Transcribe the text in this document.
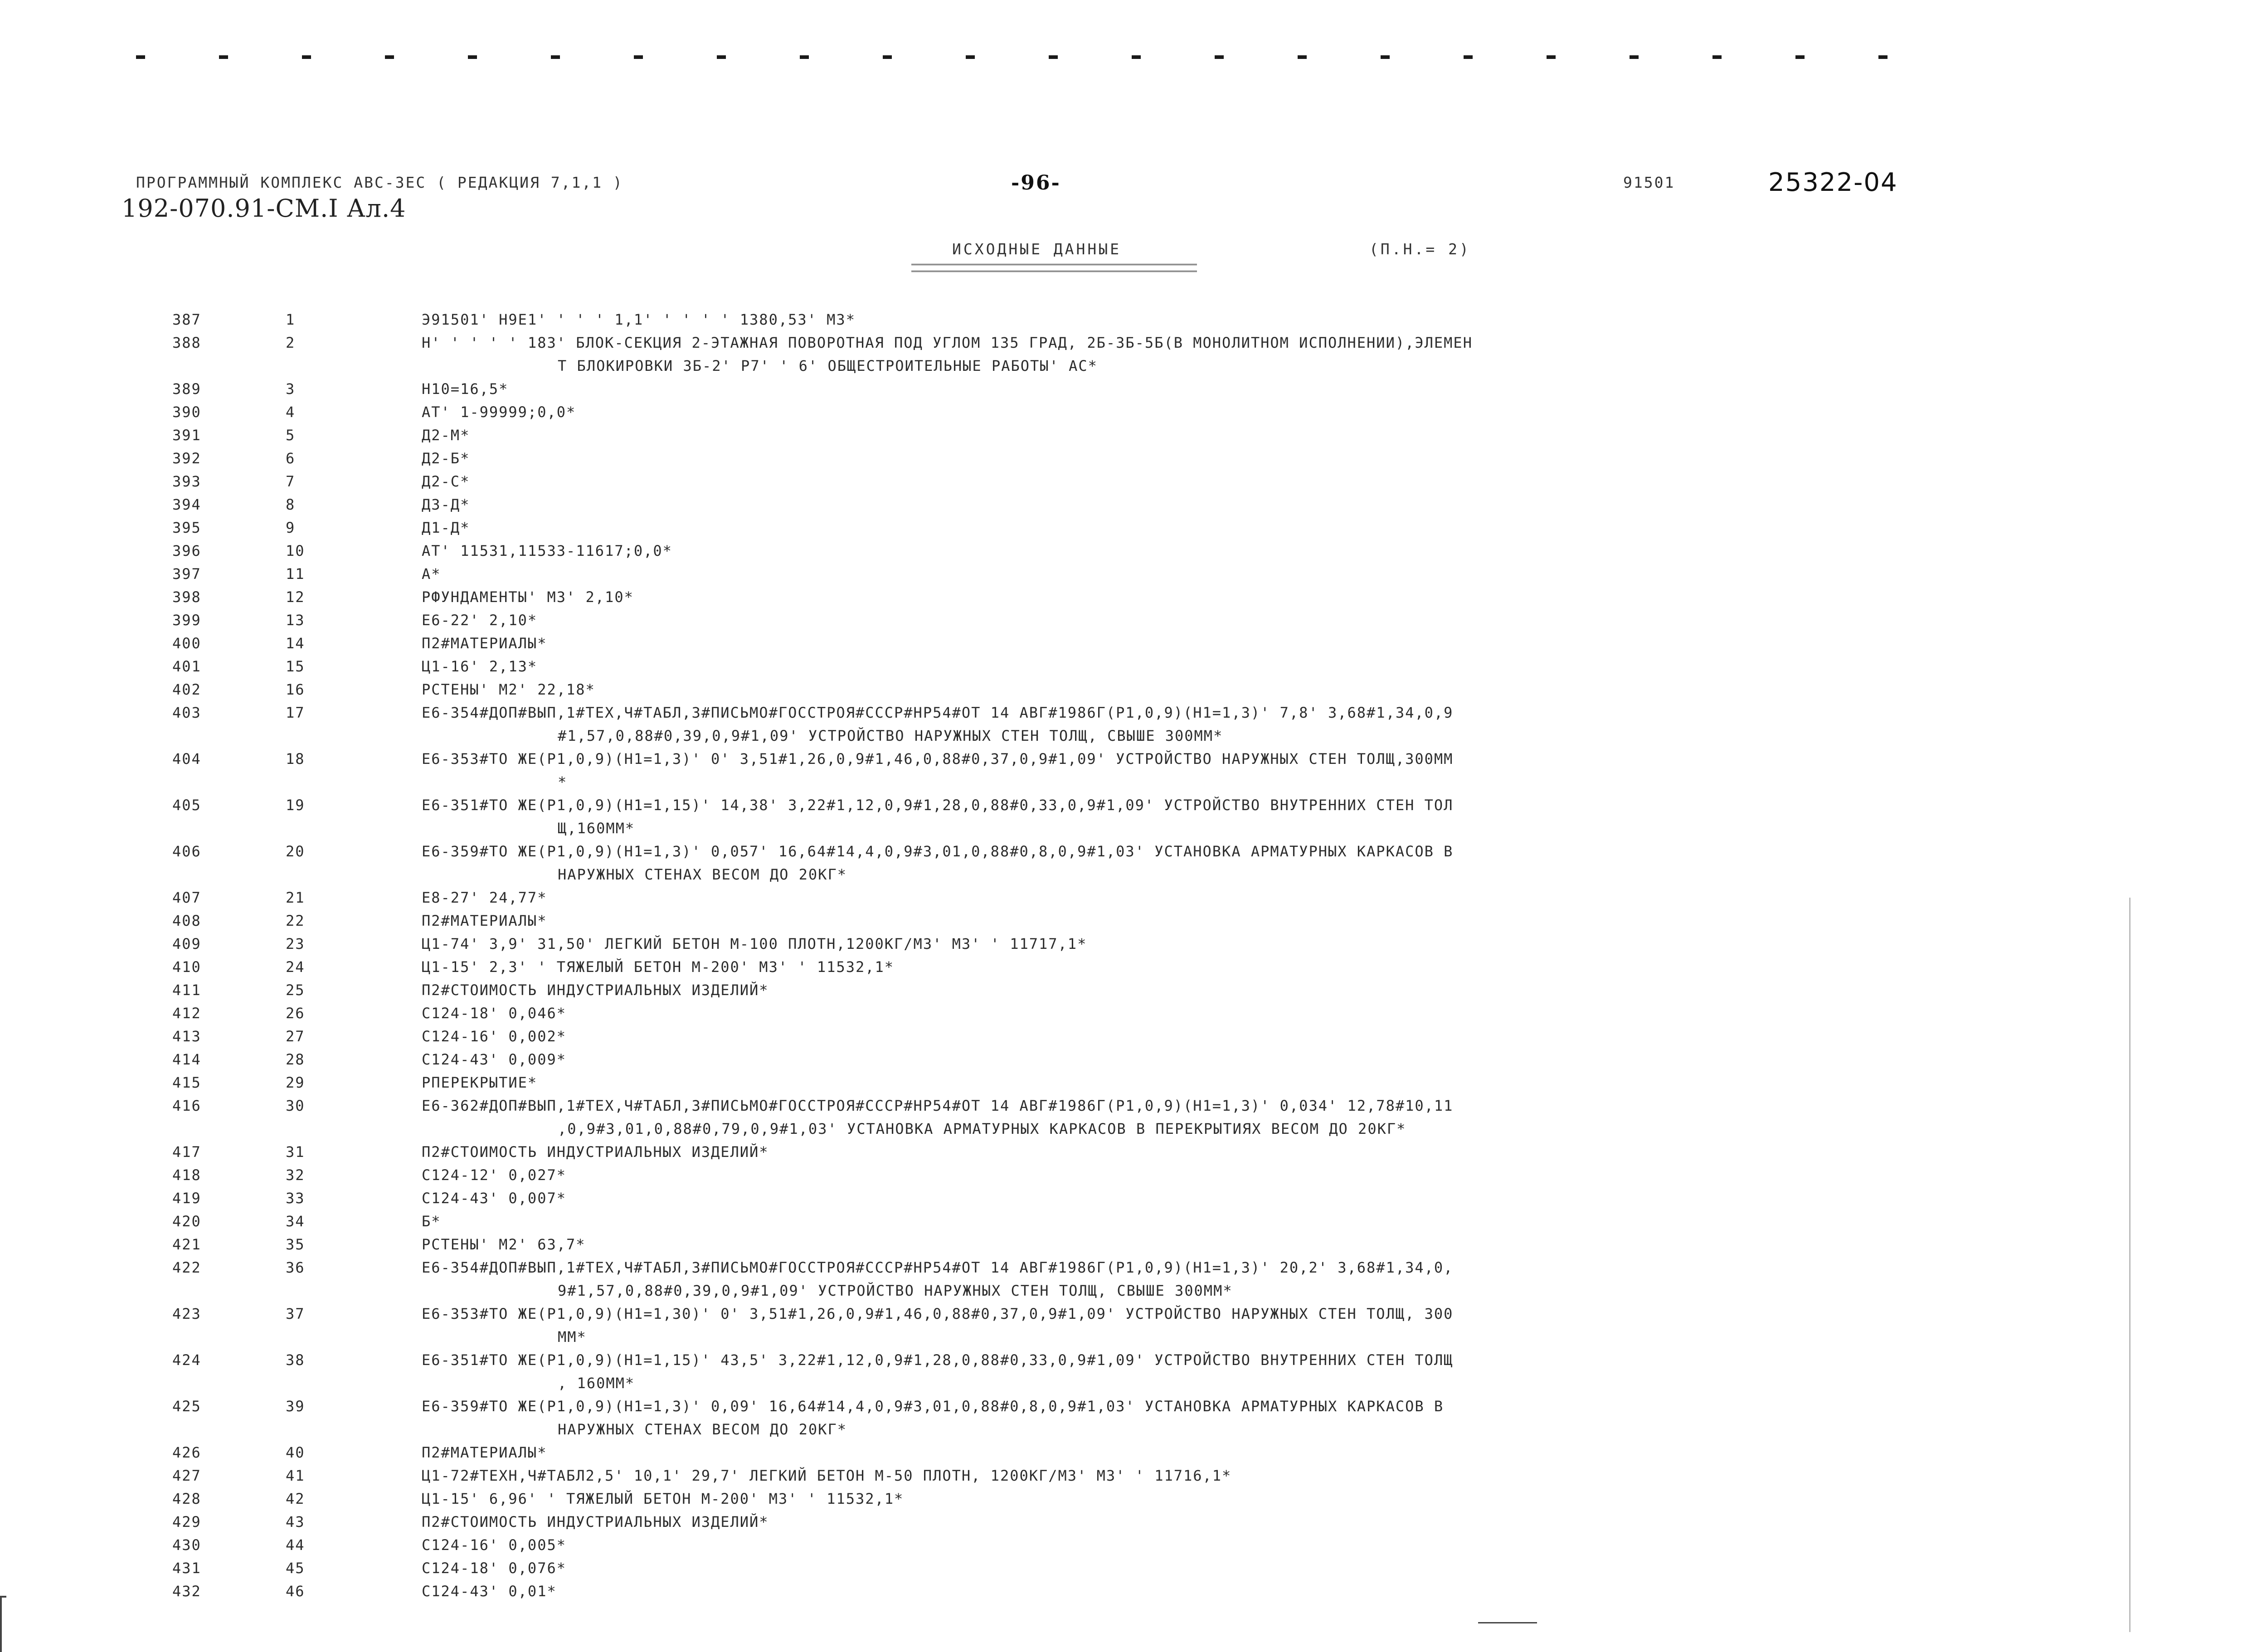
ПРОГРАММНЫЙ КОМПЛЕКС АВС-3ЕС ( РЕДАКЦИЯ 7,1,1 )	-96-	91501	25322-04
192-070.91-СМ.I Ал.4
ИСХОДНЫЕ ДАННЫЕ	(П.Н.= 2)
387	1	Э91501' Н9Е1' ' ' ' 1,1' ' ' ' ' 1380,53' М3*
388	2	Н' ' ' ' ' 183' БЛОК-СЕКЦИЯ 2-ЭТАЖНАЯ ПОВОРОТНАЯ ПОД УГЛОМ 135 ГРАД, 2Б-3Б-5Б(В МОНОЛИТНОМ ИСПОЛНЕНИИ),ЭЛЕМЕН
Т БЛОКИРОВКИ ЗБ-2' Р7' ' 6' ОБЩЕСТРОИТЕЛЬНЫЕ РАБОТЫ' АС*
389	3	Н10=16,5*
390	4	АТ' 1-99999;0,0*
391	5	Д2-М*
392	6	Д2-Б*
393	7	Д2-С*
394	8	Д3-Д*
395	9	Д1-Д*
396	10	АТ' 11531,11533-11617;0,0*
397	11	А*
398	12	РФУНДАМЕНТЫ' М3' 2,10*
399	13	Е6-22' 2,10*
400	14	П2#МАТЕРИАЛЫ*
401	15	Ц1-16' 2,13*
402	16	РСТЕНЫ' М2' 22,18*
403	17	Е6-354#ДОП#ВЫП,1#ТЕХ,Ч#ТАБЛ,3#ПИСЬМО#ГОССТРОЯ#СССР#НР54#ОТ 14 АВГ#1986Г(Р1,0,9)(Н1=1,3)' 7,8' 3,68#1,34,0,9
#1,57,0,88#0,39,0,9#1,09' УСТРОЙСТВО НАРУЖНЫХ СТЕН ТОЛЩ, СВЫШЕ 300ММ*
404	18	Е6-353#ТО ЖЕ(Р1,0,9)(Н1=1,3)' 0' 3,51#1,26,0,9#1,46,0,88#0,37,0,9#1,09' УСТРОЙСТВО НАРУЖНЫХ СТЕН ТОЛЩ,300ММ
*
405	19	Е6-351#ТО ЖЕ(Р1,0,9)(Н1=1,15)' 14,38' 3,22#1,12,0,9#1,28,0,88#0,33,0,9#1,09' УСТРОЙСТВО ВНУТРЕННИХ СТЕН ТОЛ
Щ,160ММ*
406	20	Е6-359#ТО ЖЕ(Р1,0,9)(Н1=1,3)' 0,057' 16,64#14,4,0,9#3,01,0,88#0,8,0,9#1,03' УСТАНОВКА АРМАТУРНЫХ КАРКАСОВ В
НАРУЖНЫХ СТЕНАХ ВЕСОМ ДО 20КГ*
407	21	Е8-27' 24,77*
408	22	П2#МАТЕРИАЛЫ*
409	23	Ц1-74' 3,9' 31,50' ЛЕГКИЙ БЕТОН М-100 ПЛОТН,1200КГ/М3' М3' ' 11717,1*
410	24	Ц1-15' 2,3' ' ТЯЖЕЛЫЙ БЕТОН М-200' М3' ' 11532,1*
411	25	П2#СТОИМОСТЬ ИНДУСТРИАЛЬНЫХ ИЗДЕЛИЙ*
412	26	С124-18' 0,046*
413	27	С124-16' 0,002*
414	28	С124-43' 0,009*
415	29	РПЕРЕКРЫТИЕ*
416	30	Е6-362#ДОП#ВЫП,1#ТЕХ,Ч#ТАБЛ,3#ПИСЬМО#ГОССТРОЯ#СССР#НР54#ОТ 14 АВГ#1986Г(Р1,0,9)(Н1=1,3)' 0,034' 12,78#10,11
,0,9#3,01,0,88#0,79,0,9#1,03' УСТАНОВКА АРМАТУРНЫХ КАРКАСОВ В ПЕРЕКРЫТИЯХ ВЕСОМ ДО 20КГ*
417	31	П2#СТОИМОСТЬ ИНДУСТРИАЛЬНЫХ ИЗДЕЛИЙ*
418	32	С124-12' 0,027*
419	33	С124-43' 0,007*
420	34	Б*
421	35	РСТЕНЫ' М2' 63,7*
422	36	Е6-354#ДОП#ВЫП,1#ТЕХ,Ч#ТАБЛ,3#ПИСЬМО#ГОССТРОЯ#СССР#НР54#ОТ 14 АВГ#1986Г(Р1,0,9)(Н1=1,3)' 20,2' 3,68#1,34,0,
9#1,57,0,88#0,39,0,9#1,09' УСТРОЙСТВО НАРУЖНЫХ СТЕН ТОЛЩ, СВЫШЕ 300ММ*
423	37	Е6-353#ТО ЖЕ(Р1,0,9)(Н1=1,30)' 0' 3,51#1,26,0,9#1,46,0,88#0,37,0,9#1,09' УСТРОЙСТВО НАРУЖНЫХ СТЕН ТОЛЩ, 300
ММ*
424	38	Е6-351#ТО ЖЕ(Р1,0,9)(Н1=1,15)' 43,5' 3,22#1,12,0,9#1,28,0,88#0,33,0,9#1,09' УСТРОЙСТВО ВНУТРЕННИХ СТЕН ТОЛЩ
, 160ММ*
425	39	Е6-359#ТО ЖЕ(Р1,0,9)(Н1=1,3)' 0,09' 16,64#14,4,0,9#3,01,0,88#0,8,0,9#1,03' УСТАНОВКА АРМАТУРНЫХ КАРКАСОВ В
НАРУЖНЫХ СТЕНАХ ВЕСОМ ДО 20КГ*
426	40	П2#МАТЕРИАЛЫ*
427	41	Ц1-72#ТЕХН,Ч#ТАБЛ2,5' 10,1' 29,7' ЛЕГКИЙ БЕТОН М-50 ПЛОТН, 1200КГ/М3' М3' ' 11716,1*
428	42	Ц1-15' 6,96' ' ТЯЖЕЛЫЙ БЕТОН М-200' М3' ' 11532,1*
429	43	П2#СТОИМОСТЬ ИНДУСТРИАЛЬНЫХ ИЗДЕЛИЙ*
430	44	С124-16' 0,005*
431	45	С124-18' 0,076*
432	46	С124-43' 0,01*
